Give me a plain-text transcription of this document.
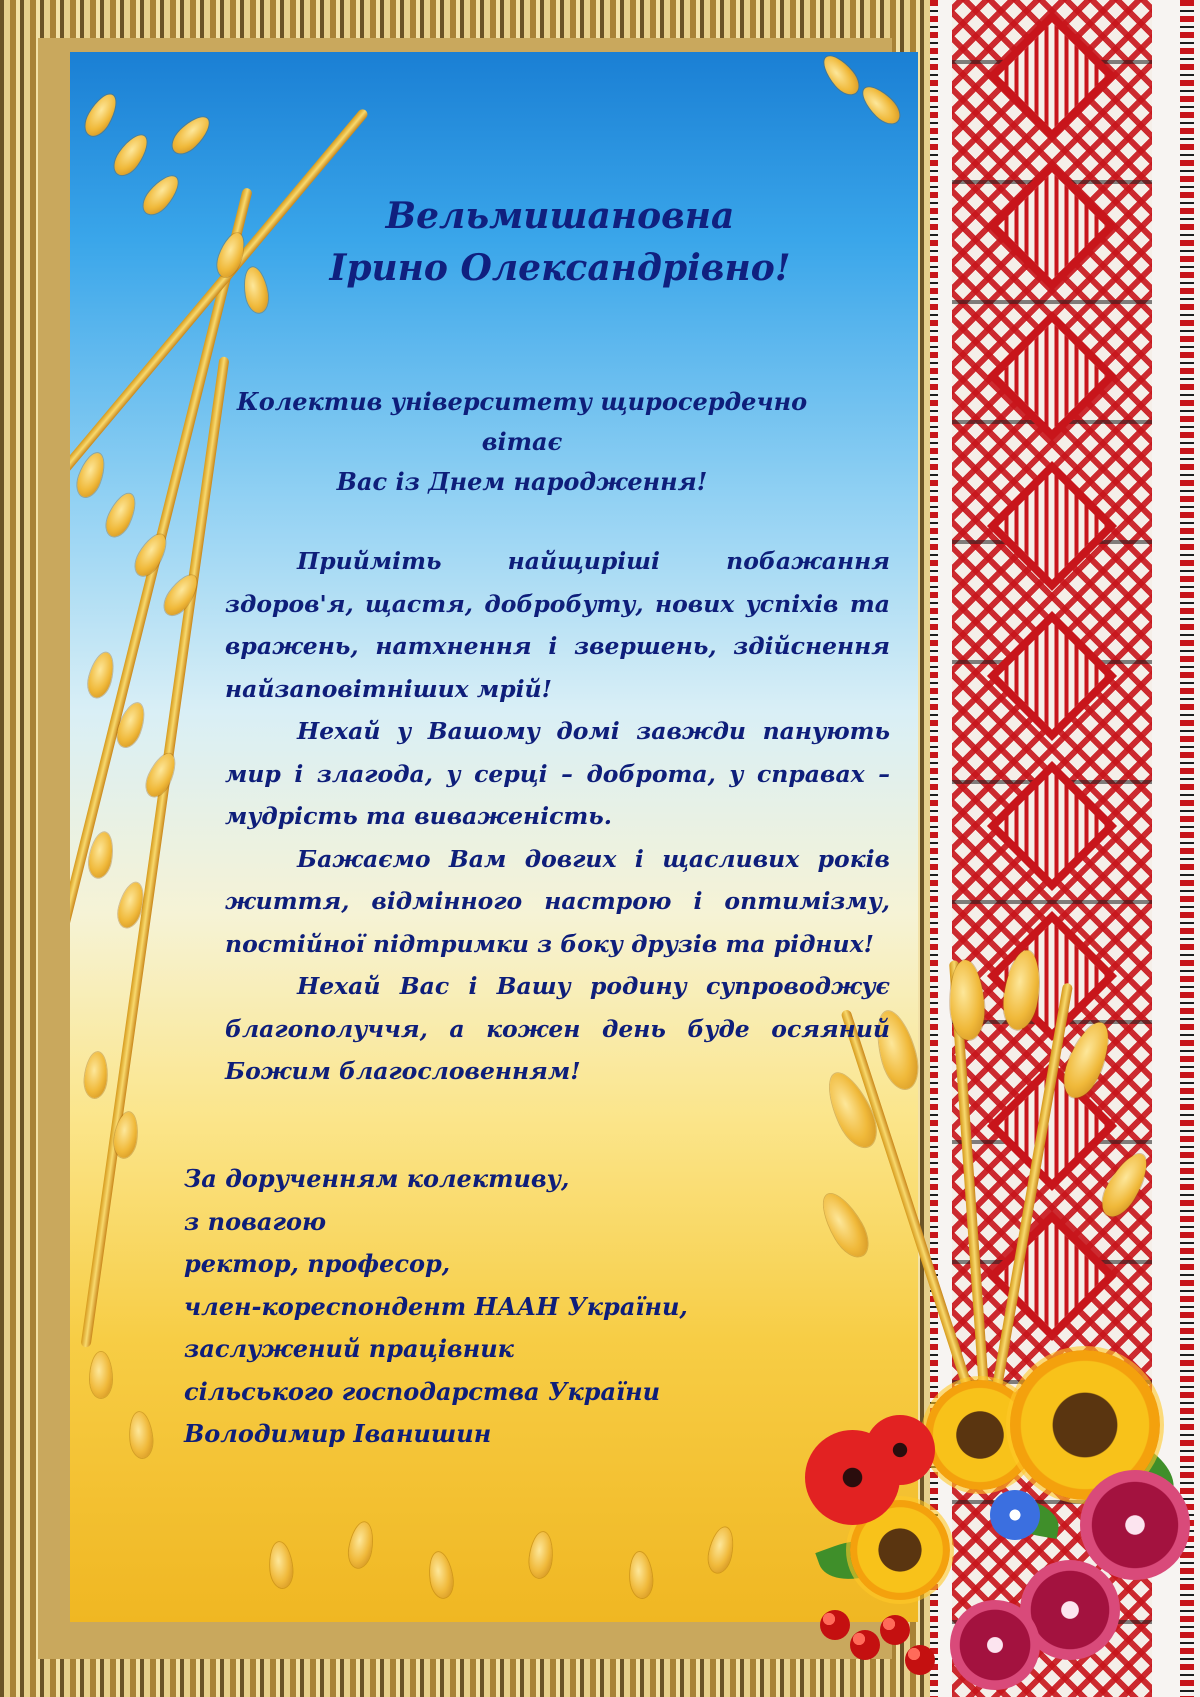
Вельмишановна
Ірино Олександрівно!
Колектив університету щиросердечно вітає
Вас із Днем народження!

Прийміть найщиріші побажання здоров'я, щастя, добробуту, нових успіхів та вражень, натхнення і звершень, здійснення найзаповітніших мрій!

Нехай у Вашому домі завжди панують мир і злагода, у серці – доброта, у справах – мудрість та виваженість.

Бажаємо Вам довгих і щасливих років життя, відмінного настрою і оптимізму, постійної підтримки з боку друзів та рідних!

Нехай Вас і Вашу родину супроводжує благополуччя, а кожен день буде осяяний Божим благословенням!

За дорученням колективу,
з повагою
ректор, професор,
член-кореспондент НААН України,
заслужений працівник
сільського господарства України
Володимир Іванишин
